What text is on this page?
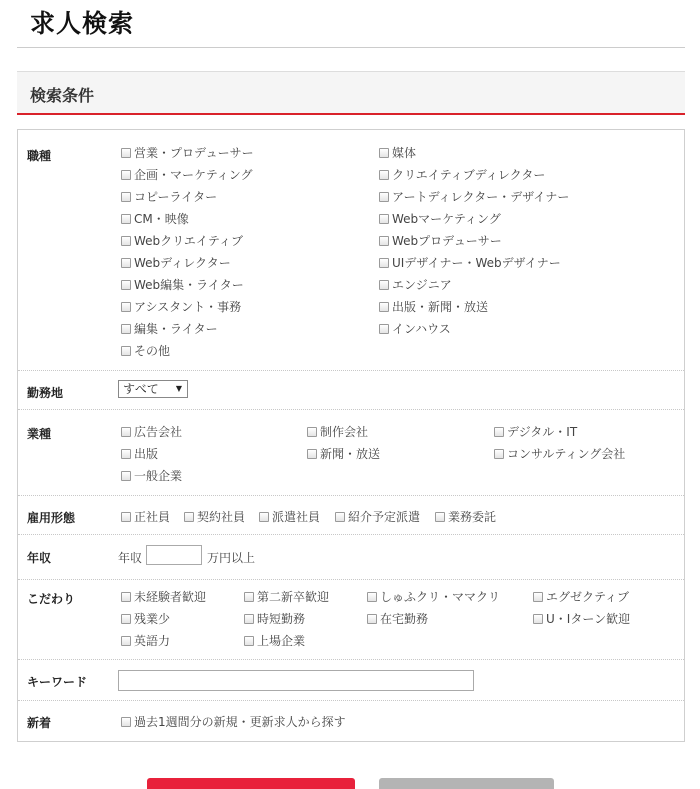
求人検索
検索条件
職種	営業・プロデューサー	媒体
企画・マーケティング	クリエイティブディレクター
コピーライター	アートディレクター・デザイナー
CM・映像	Webマーケティング
Webクリエイティブ	Webプロデューサー
Webディレクター	UIデザイナー・Webデザイナー
Web編集・ライター	エンジニア
アシスタント・事務	出版・新聞・放送
編集・ライター	インハウス
その他
勤務地	すべて ▼
業種	広告会社	制作会社	デジタル・IT
出版	新聞・放送	コンサルティング会社
一般企業
雇用形態	正社員	契約社員	派遣社員	紹介予定派遣	業務委託
年収	年収	万円以上
こだわり	未経験者歓迎	第二新卒歓迎	しゅふクリ・ママクリ	エグゼクティブ
残業少	時短勤務	在宅勤務	U・Iターン歓迎
英語力	上場企業
キーワード
新着	過去1週間分の新規・更新求人から探す
